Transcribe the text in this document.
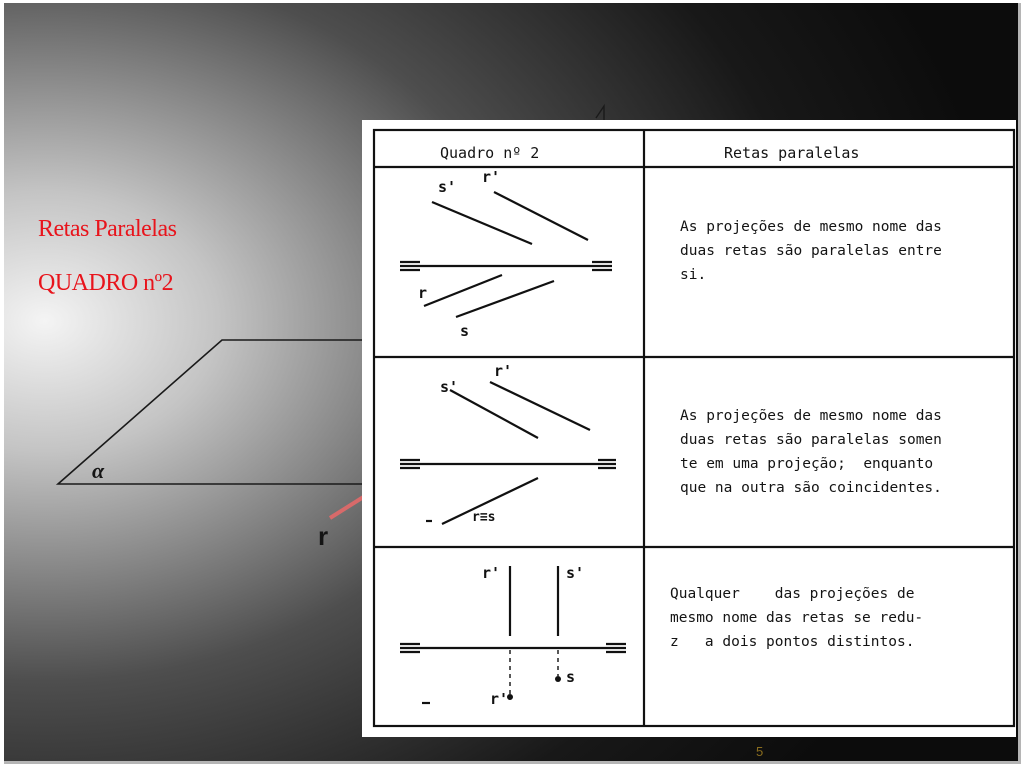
α
r
Retas Paralelas
QUADRO nº2
s'
r'
r
s
s'
r'
r≡s
r'	s'
s
r'
Quadro nº 2	Retas paralelas
As projeções de mesmo nome das
duas retas são paralelas entre
si.
As projeções de mesmo nome das
duas retas são paralelas somen
te em uma projeção;  enquanto
que na outra são coincidentes.
Qualquer    das projeções de
mesmo nome das retas se redu-
z   a dois pontos distintos.
5
